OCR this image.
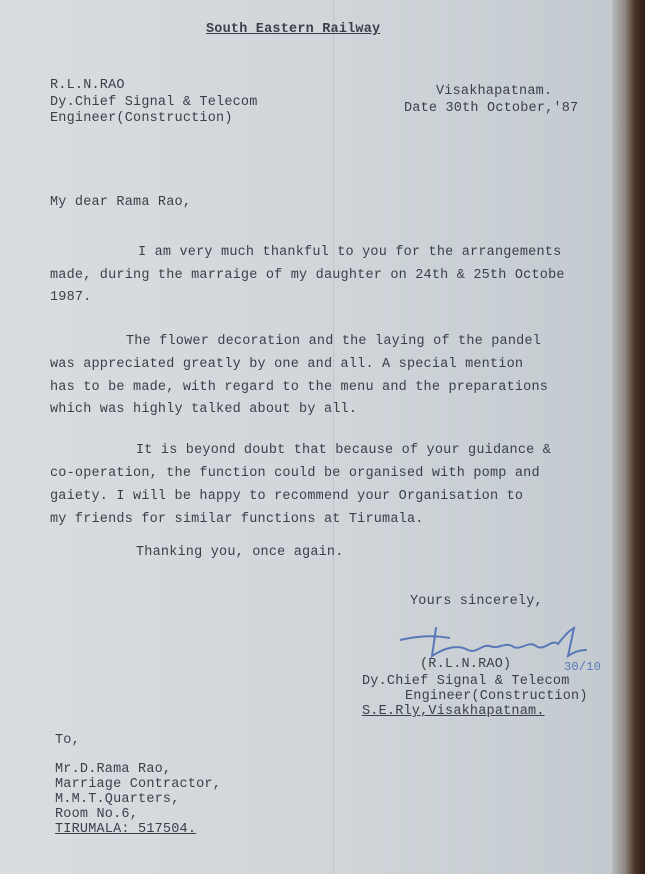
South Eastern Railway
R.L.N.RAO
Dy.Chief Signal & Telecom
Engineer(Construction)
Visakhapatnam.
Date 30th October,'87
My dear Rama Rao,
I am very much thankful to you for the arrangements
made, during the marraige of my daughter on 24th & 25th Octobe
1987.
The flower decoration and the laying of the pandel
was appreciated greatly by one and all. A special mention
has to be made, with regard to the menu and the preparations
which was highly talked about by all.
It is beyond doubt that because of your guidance &
co-operation, the function could be organised with pomp and
gaiety. I will be happy to recommend your Organisation to
my friends for similar functions at Tirumala.
Thanking you, once again.
Yours sincerely,
(R.L.N.RAO)	30/10
Dy.Chief Signal & Telecom
Engineer(Construction)
S.E.Rly,Visakhapatnam.
To,
Mr.D.Rama Rao,
Marriage Contractor,
M.M.T.Quarters,
Room No.6,
TIRUMALA: 517504.
